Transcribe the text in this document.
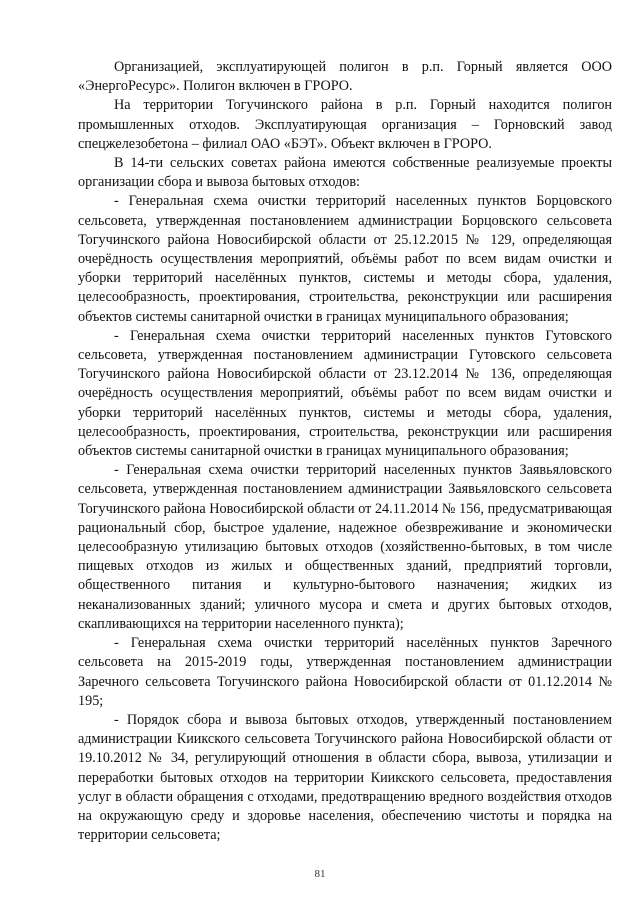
Организацией, эксплуатирующей полигон в р.п. Горный является ООО «ЭнергоРесурс». Полигон включен в ГРОРО.

На территории Тогучинского района в р.п. Горный находится полигон промышленных отходов. Эксплуатирующая организация – Горновский завод спецжелезобетона – филиал ОАО «БЭТ». Объект включен в ГРОРО.

В 14-ти сельских советах района имеются собственные реализуемые проекты организации сбора и вывоза бытовых отходов:

- Генеральная схема очистки территорий населенных пунктов Борцовского сельсовета, утвержденная постановлением администрации Борцовского сельсовета Тогучинского района Новосибирской области от 25.12.2015 № 129, определяющая очерёдность осуществления мероприятий, объёмы работ по всем видам очистки и уборки территорий населённых пунктов, системы и методы сбора, удаления, целесообразность, проектирования, строительства, реконструкции или расширения объектов системы санитарной очистки в границах муниципального образования;

- Генеральная схема очистки территорий населенных пунктов Гутовского сельсовета, утвержденная постановлением администрации Гутовского сельсовета Тогучинского района Новосибирской области от 23.12.2014 № 136, определяющая очерёдность осуществления мероприятий, объёмы работ по всем видам очистки и уборки территорий населённых пунктов, системы и методы сбора, удаления, целесообразность, проектирования, строительства, реконструкции или расширения объектов системы санитарной очистки в границах муниципального образования;

- Генеральная схема очистки территорий населенных пунктов Заявьяловского сельсовета, утвержденная постановлением администрации Заявьяловского сельсовета Тогучинского района Новосибирской области от 24.11.2014 № 156, предусматривающая рациональный сбор, быстрое удаление, надежное обезвреживание и экономически целесообразную утилизацию бытовых отходов (хозяйственно-бытовых, в том числе пищевых отходов из жилых и общественных зданий, предприятий торговли, общественного питания и культурно-бытового назначения; жидких из неканализованных зданий; уличного мусора и смета и других бытовых отходов, скапливающихся на территории населенного пункта);

- Генеральная схема очистки территорий населённых пунктов Заречного сельсовета на 2015-2019 годы, утвержденная постановлением администрации Заречного сельсовета Тогучинского района Новосибирской области от 01.12.2014 № 195;

- Порядок сбора и вывоза бытовых отходов, утвержденный постановлением администрации Киикского сельсовета Тогучинского района Новосибирской области от 19.10.2012 № 34, регулирующий отношения в области сбора, вывоза, утилизации и переработки бытовых отходов на территории Киикского сельсовета, предоставления услуг в области обращения с отходами, предотвращению вредного воздействия отходов на окружающую среду и здоровье населения, обеспечению чистоты и порядка на территории сельсовета;

81
